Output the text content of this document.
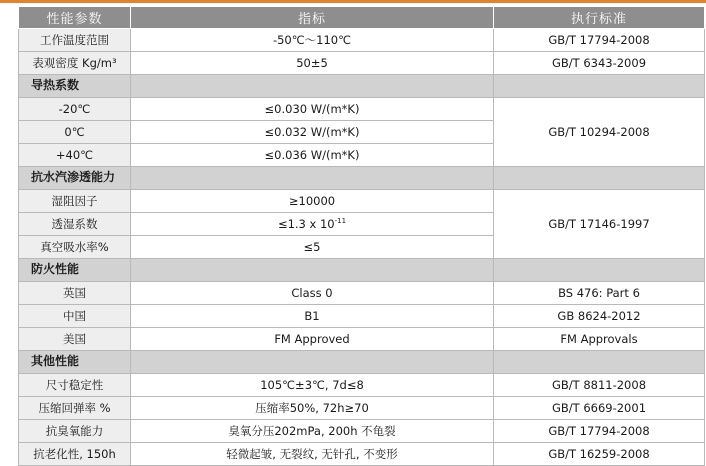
性能参数	指标	执行标准
工作温度范围	-50℃～110℃	GB/T 17794-2008
表观密度 Kg/m³	50±5	GB/T 6343-2009
导热系数		
-20℃	≤0.030 W/(m*K)	GB/T 10294-2008
0℃	≤0.032 W/(m*K)	
+40℃	≤0.036 W/(m*K)	
抗水汽渗透能力		
湿阻因子	≥10000	GB/T 17146-1997
透湿系数	≤1.3 x $10^{-11}$
真空吸水率%	≤5	
防火性能		
英国	Class 0	BS 476: Part 6
中国	B1	GB 8624-2012
美国	FM Approved	FM Approvals
其他性能		
尺寸稳定性	105℃±3℃, 7d≤8	GB/T 8811-2008
压缩回弹率 %	压缩率50%, 72h≥70	GB/T 6669-2001
抗臭氧能力	臭氧分压202mPa, 200h 不龟裂	GB/T 17794-2008
抗老化性, 150h	轻微起皱, 无裂纹, 无针孔, 不变形	GB/T 16259-2008
